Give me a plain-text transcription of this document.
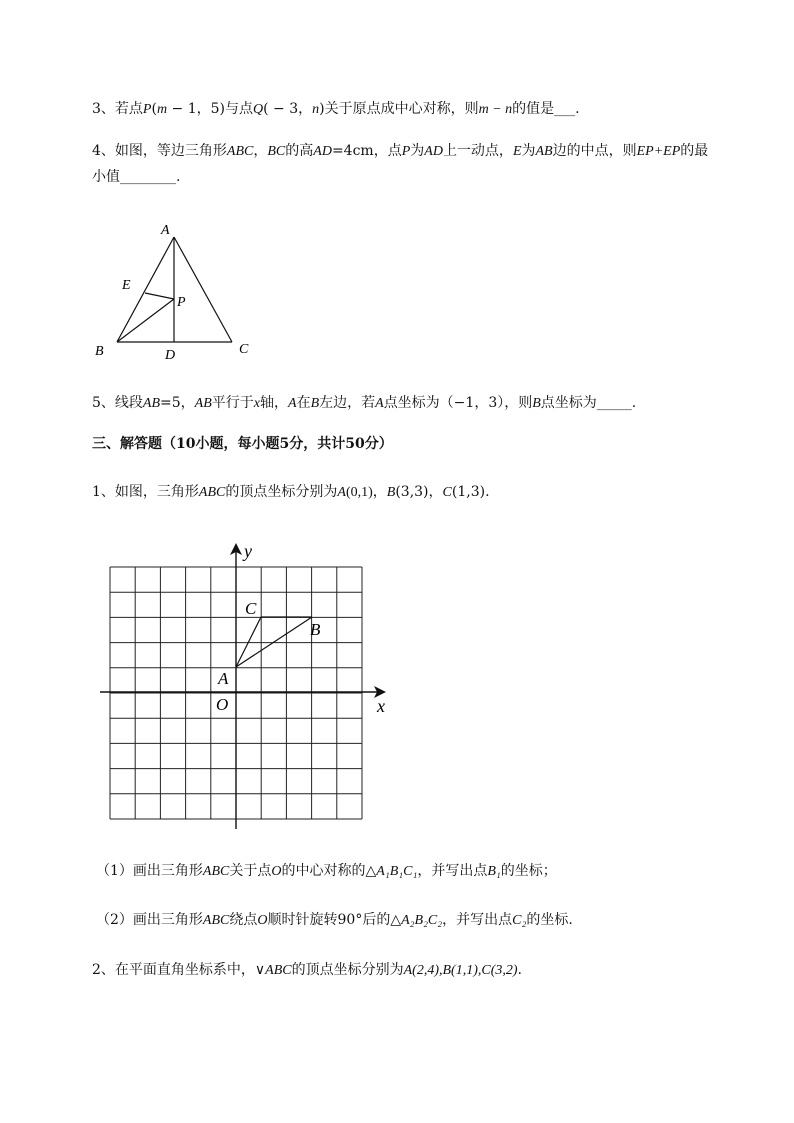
3、若点P(m − 1，5)与点Q( − 3，n)关于原点成中心对称，则m − n的值是___.
4、如图，等边三角形ABC，BC的高AD=4cm，点P为AD上一动点，E为AB边的中点，则EP+EP的最
小值________.
A
E
P
B	D	C
5、线段AB=5，AB平行于x轴，A在B左边，若A点坐标为（−1，3），则B点坐标为_____.
三、解答题（10小题，每小题5分，共计50分）
1、如图，三角形ABC的顶点坐标分别为A(0,1)，B(3,3)，C(1,3).
y
x
C
B
A
O
（1）画出三角形ABC关于点O的中心对称的△A₁B₁C₁，并写出点B₁的坐标；
（2）画出三角形ABC绕点O顺时针旋转90°后的△A₂B₂C₂，并写出点C₂的坐标.
2、在平面直角坐标系中，∨ABC的顶点坐标分别为A(2,4),B(1,1),C(3,2).
